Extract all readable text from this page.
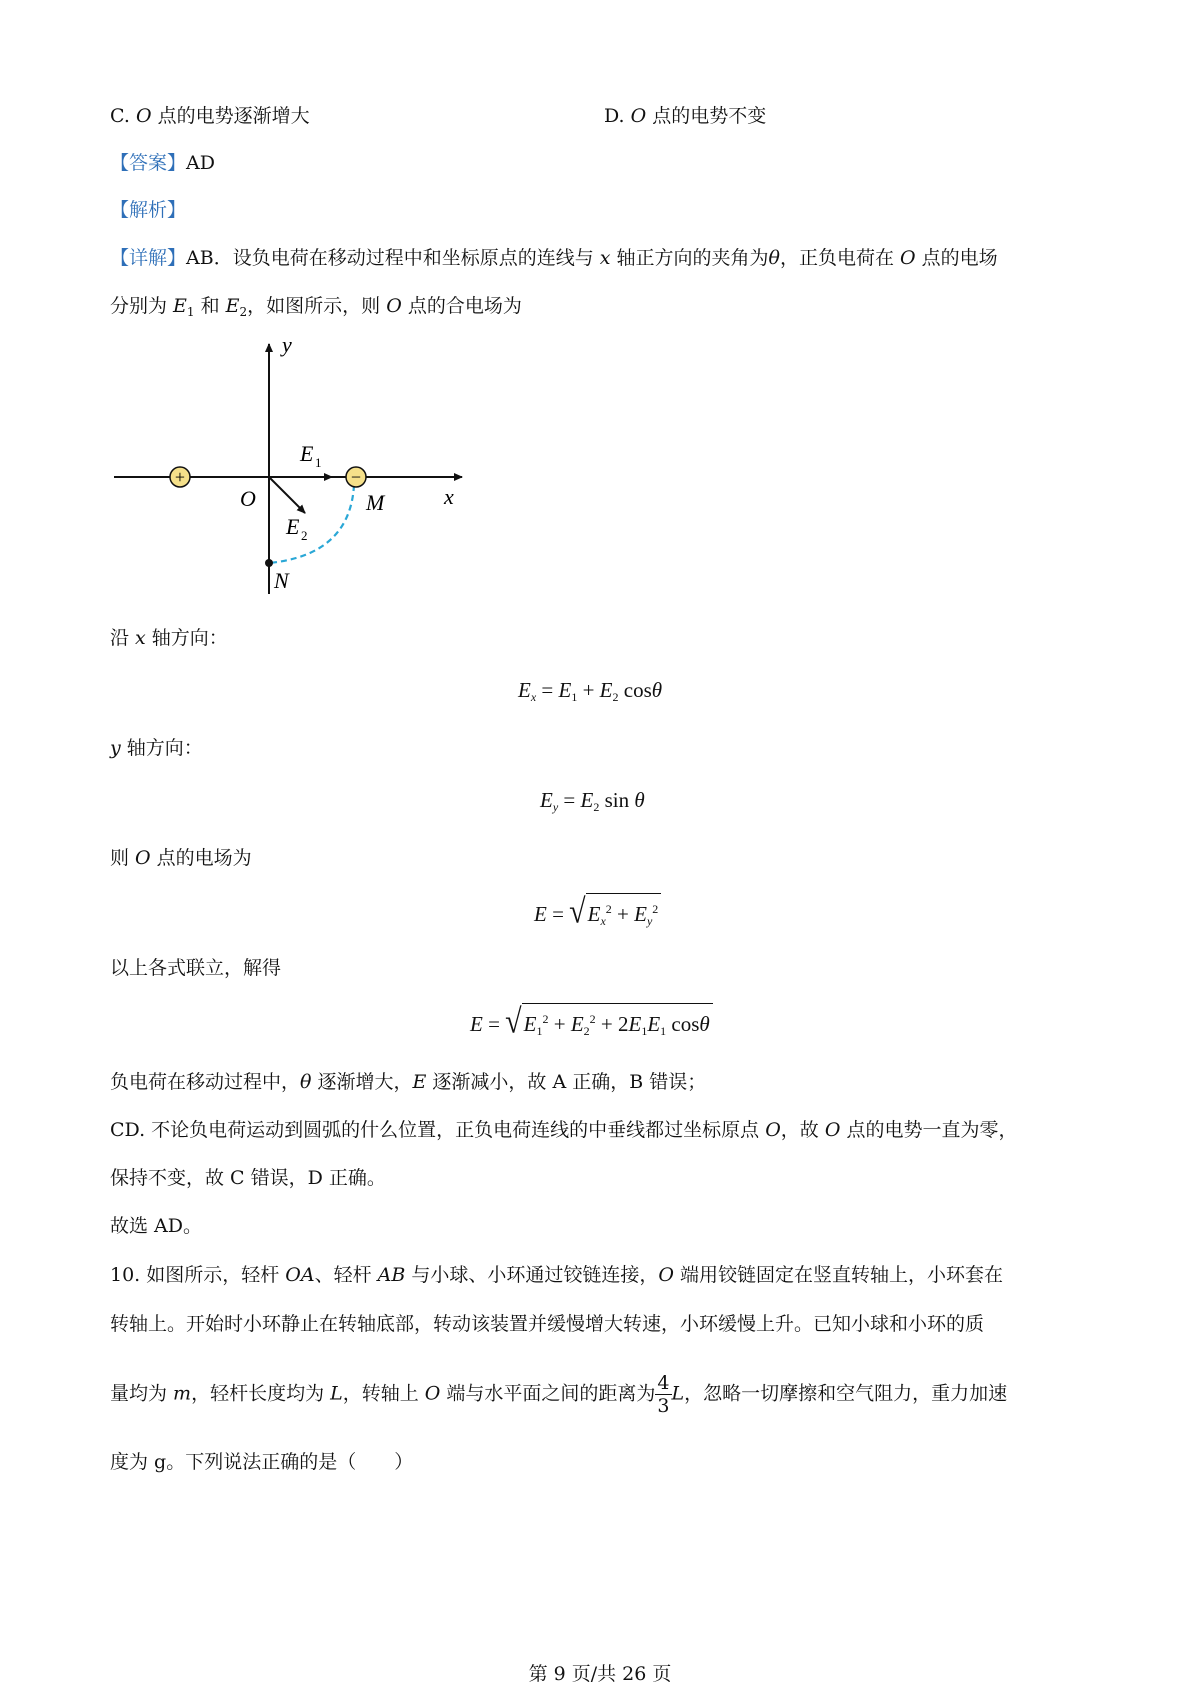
C. O 点的电势逐渐增大	D. O 点的电势不变
【答案】AD
【解析】
【详解】AB．设负电荷在移动过程中和坐标原点的连线与 x 轴正方向的夹角为θ，正负电荷在 O 点的电场
分别为 $E_1$ 和 $E_2$，如图所示，则 O 点的合电场为
+	−
y
x
O	M
N
E 1
E 2
沿 x 轴方向：
$E_x = E_1 + E_2$ cosθ
y 轴方向：
$E_y = E_2$ sin θ
则 O 点的电场为
$E = √E_x^2 + E_y^2$
以上各式联立，解得
$E = √E_1^2 + E_2^2 + 2E_1E_1$ cosθ
负电荷在移动过程中，θ 逐渐增大，E 逐渐减小，故 A 正确，B 错误；
CD. 不论负电荷运动到圆弧的什么位置，正负电荷连线的中垂线都过坐标原点 O，故 O 点的电势一直为零，
保持不变，故 C 错误，D 正确。
故选 AD。
10. 如图所示，轻杆 OA、轻杆 AB 与小球、小环通过铰链连接，O 端用铰链固定在竖直转轴上，小环套在
转轴上。开始时小环静止在转轴底部，转动该装置并缓慢增大转速，小环缓慢上升。已知小球和小环的质
量均为 m，轻杆长度均为 L，转轴上 O 端与水平面之间的距离为 $\frac{4}{3}$ L，忽略一切摩擦和空气阻力，重力加速
度为 g。下列说法正确的是（　　）
第 9 页/共 26 页
